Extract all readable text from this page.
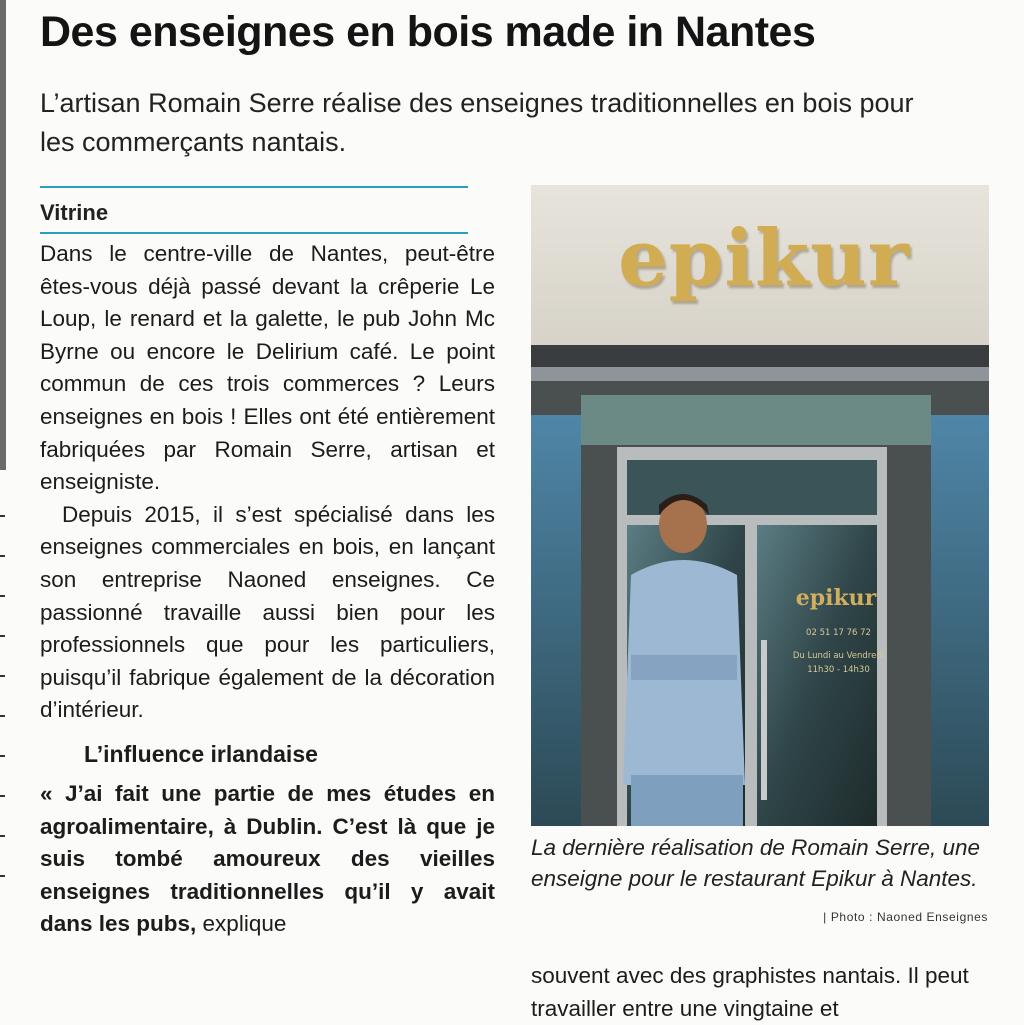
Des enseignes en bois made in Nantes

L’artisan Romain Serre réalise des enseignes traditionnelles en bois pour les commerçants nantais.

Vitrine

Dans le centre-ville de Nantes, peut-être êtes-vous déjà passé devant la crêperie Le Loup, le renard et la galette, le pub John Mc Byrne ou encore le Delirium café. Le point commun de ces trois commerces ? Leurs enseignes en bois ! Elles ont été entièrement fabriquées par Romain Serre, artisan et enseigniste.

Depuis 2015, il s’est spécialisé dans les enseignes commerciales en bois, en lançant son entreprise Naoned enseignes. Ce passionné travaille aussi bien pour les professionnels que pour les particuliers, puisqu’il fabrique également de la décoration d’intérieur.

L’influence irlandaise

« J’ai fait une partie de mes études en agroalimentaire, à Dublin. C’est là que je suis tombé amoureux des vieilles enseignes traditionnelles qu’il y avait dans les pubs, explique

epikur
epikur
02 51 17 76 72
Du Lundi au Vendredi
11h30 - 14h30

La dernière réalisation de Romain Serre, une enseigne pour le restaurant Epikur à Nantes.

| Photo : Naoned Enseignes

souvent avec des graphistes nantais. Il peut travailler entre une vingtaine et
